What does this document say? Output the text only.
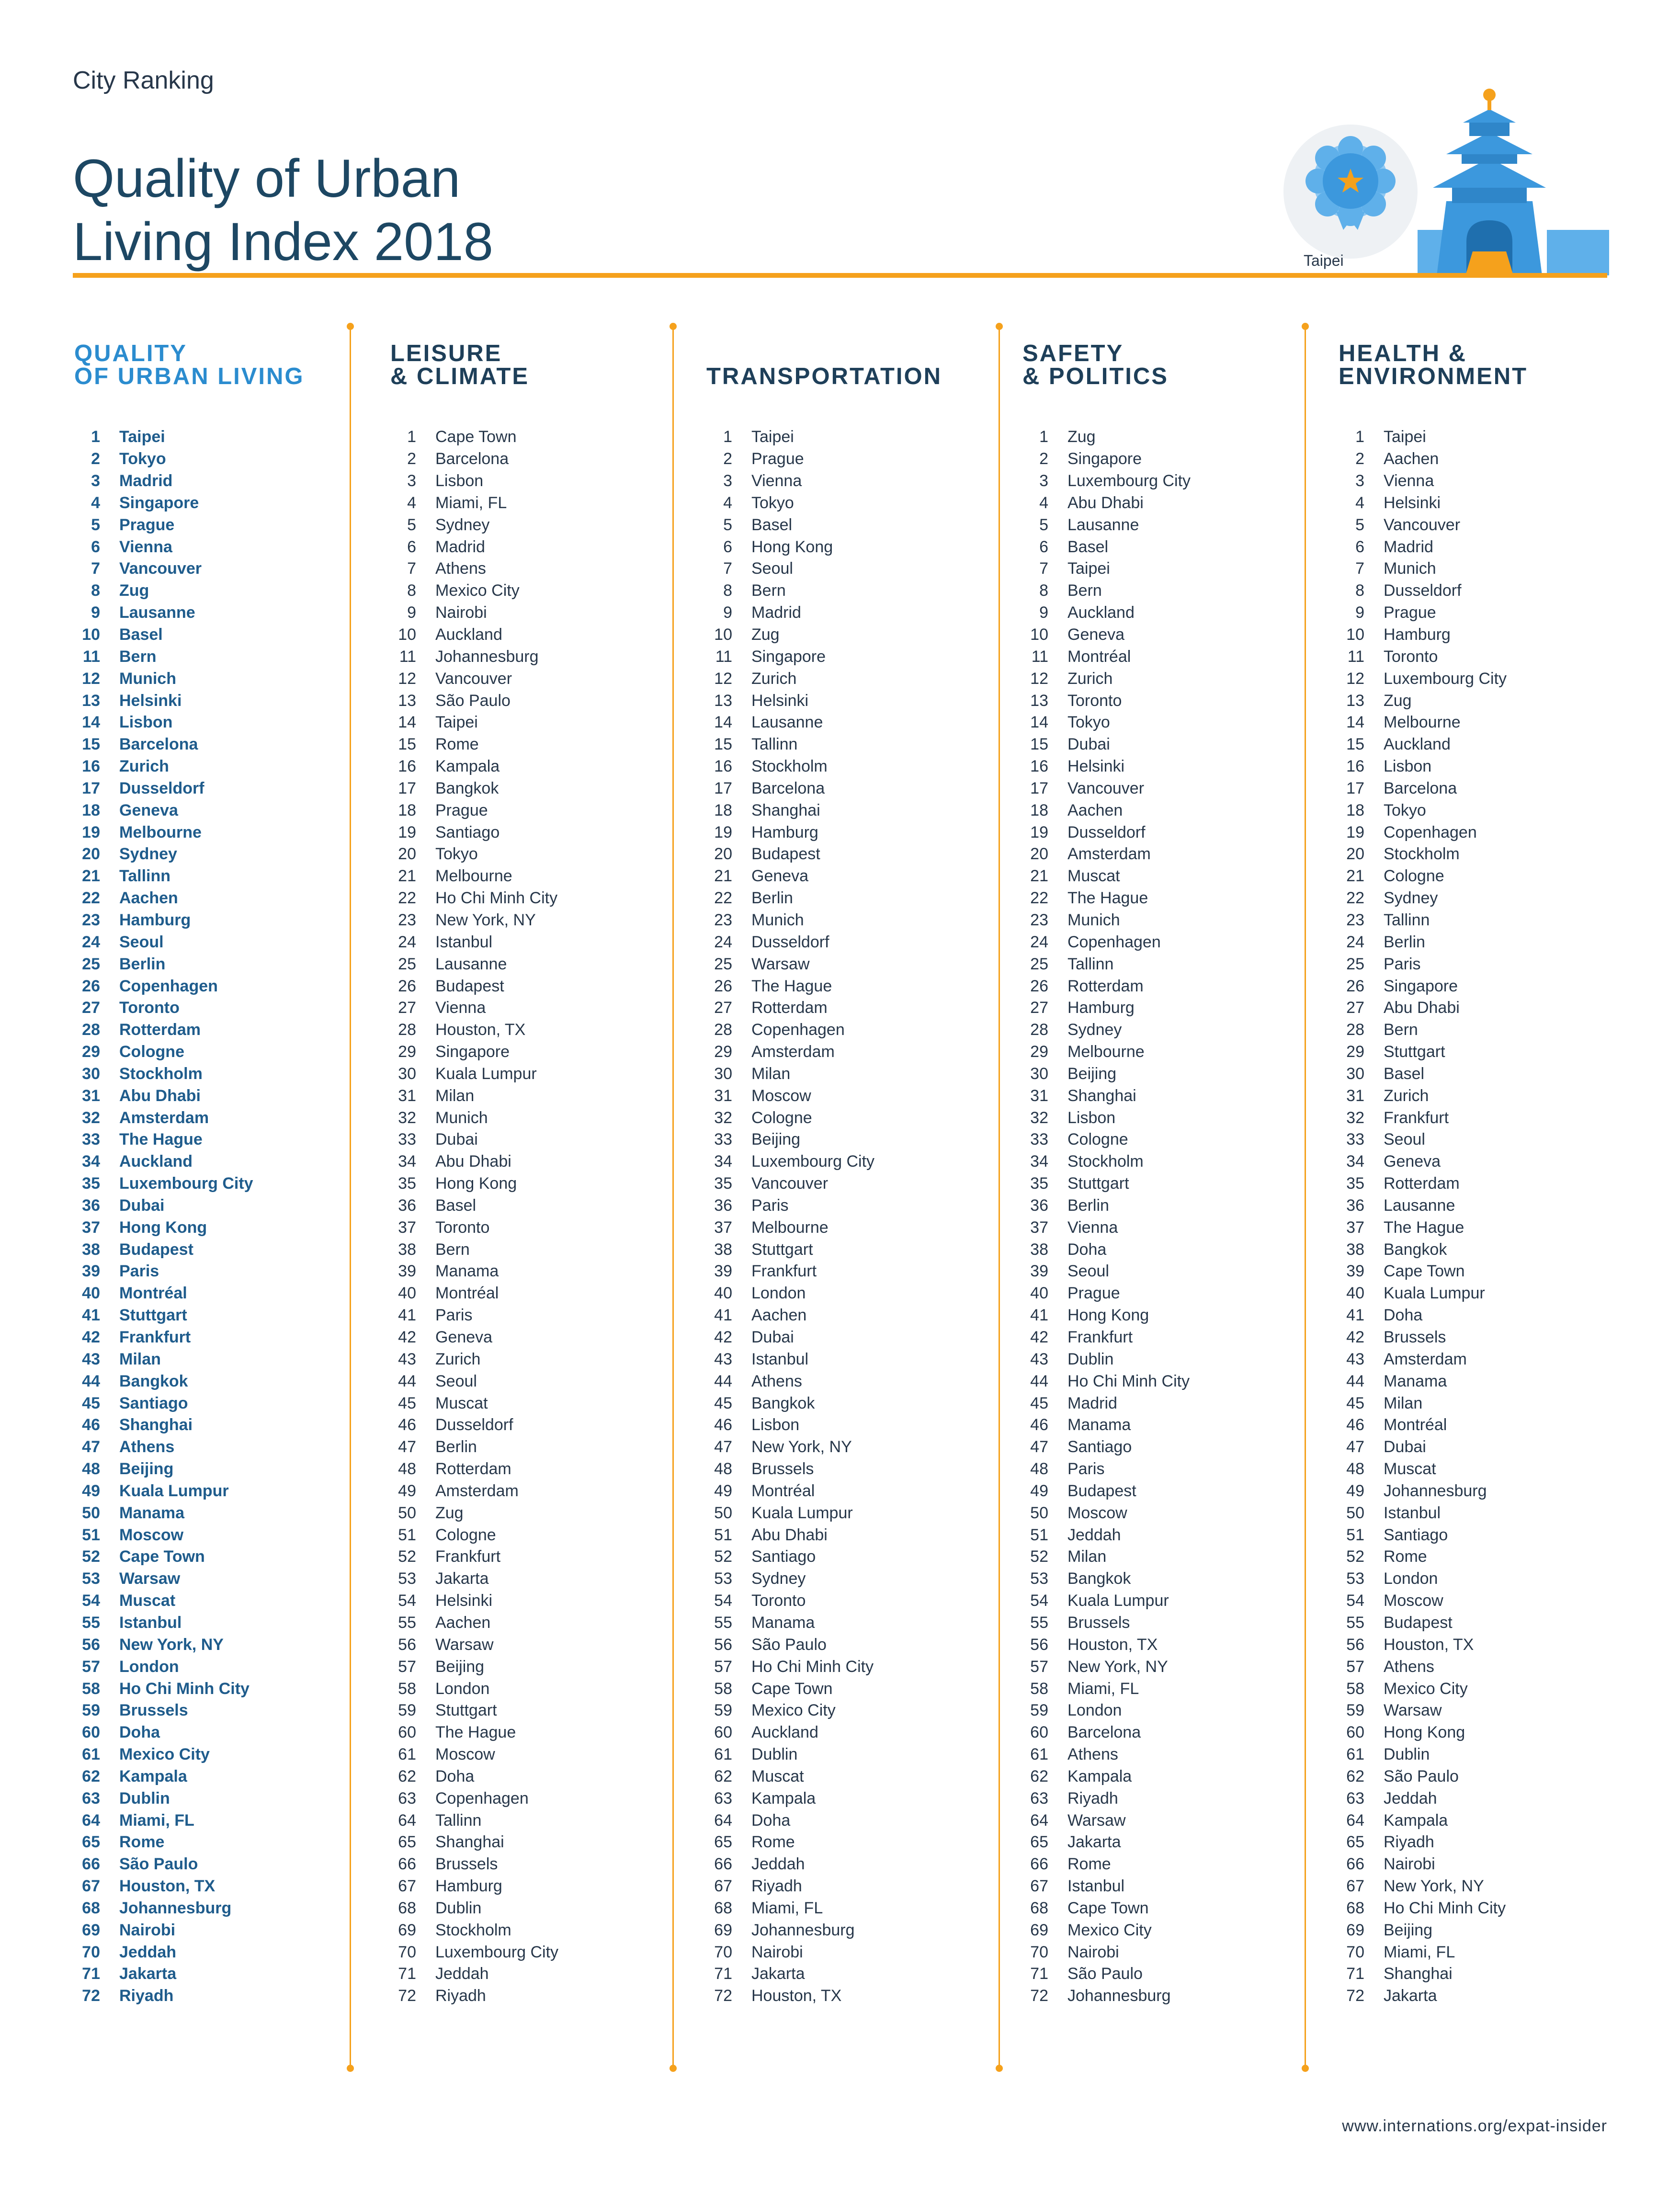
City Ranking
Quality of Urban
Living Index 2018	Taipei
QUALITY
OF URBAN LIVING
1 Taipei
2 Tokyo
3 Madrid
4 Singapore
5 Prague
6 Vienna
7 Vancouver
8 Zug
9 Lausanne
10 Basel
11 Bern
12 Munich
13 Helsinki
14 Lisbon
15 Barcelona
16 Zurich
17 Dusseldorf
18 Geneva
19 Melbourne
20 Sydney
21 Tallinn
22 Aachen
23 Hamburg
24 Seoul
25 Berlin
26 Copenhagen
27 Toronto
28 Rotterdam
29 Cologne
30 Stockholm
31 Abu Dhabi
32 Amsterdam
33 The Hague
34 Auckland
35 Luxembourg City
36 Dubai
37 Hong Kong
38 Budapest
39 Paris
40 Montréal
41 Stuttgart
42 Frankfurt
43 Milan
44 Bangkok
45 Santiago
46 Shanghai
47 Athens
48 Beijing
49 Kuala Lumpur
50 Manama
51 Moscow
52 Cape Town
53 Warsaw
54 Muscat
55 Istanbul
56 New York, NY
57 London
58 Ho Chi Minh City
59 Brussels
60 Doha
61 Mexico City
62 Kampala
63 Dublin
64 Miami, FL
65 Rome
66 São Paulo
67 Houston, TX
68 Johannesburg
69 Nairobi
70 Jeddah
71 Jakarta
72 Riyadh
LEISURE
& CLIMATE
1 Cape Town
2 Barcelona
3 Lisbon
4 Miami, FL
5 Sydney
6 Madrid
7 Athens
8 Mexico City
9 Nairobi
10 Auckland
11 Johannesburg
12 Vancouver
13 São Paulo
14 Taipei
15 Rome
16 Kampala
17 Bangkok
18 Prague
19 Santiago
20 Tokyo
21 Melbourne
22 Ho Chi Minh City
23 New York, NY
24 Istanbul
25 Lausanne
26 Budapest
27 Vienna
28 Houston, TX
29 Singapore
30 Kuala Lumpur
31 Milan
32 Munich
33 Dubai
34 Abu Dhabi
35 Hong Kong
36 Basel
37 Toronto
38 Bern
39 Manama
40 Montréal
41 Paris
42 Geneva
43 Zurich
44 Seoul
45 Muscat
46 Dusseldorf
47 Berlin
48 Rotterdam
49 Amsterdam
50 Zug
51 Cologne
52 Frankfurt
53 Jakarta
54 Helsinki
55 Aachen
56 Warsaw
57 Beijing
58 London
59 Stuttgart
60 The Hague
61 Moscow
62 Doha
63 Copenhagen
64 Tallinn
65 Shanghai
66 Brussels
67 Hamburg
68 Dublin
69 Stockholm
70 Luxembourg City
71 Jeddah
72 Riyadh
TRANSPORTATION
1 Taipei
2 Prague
3 Vienna
4 Tokyo
5 Basel
6 Hong Kong
7 Seoul
8 Bern
9 Madrid
10 Zug
11 Singapore
12 Zurich
13 Helsinki
14 Lausanne
15 Tallinn
16 Stockholm
17 Barcelona
18 Shanghai
19 Hamburg
20 Budapest
21 Geneva
22 Berlin
23 Munich
24 Dusseldorf
25 Warsaw
26 The Hague
27 Rotterdam
28 Copenhagen
29 Amsterdam
30 Milan
31 Moscow
32 Cologne
33 Beijing
34 Luxembourg City
35 Vancouver
36 Paris
37 Melbourne
38 Stuttgart
39 Frankfurt
40 London
41 Aachen
42 Dubai
43 Istanbul
44 Athens
45 Bangkok
46 Lisbon
47 New York, NY
48 Brussels
49 Montréal
50 Kuala Lumpur
51 Abu Dhabi
52 Santiago
53 Sydney
54 Toronto
55 Manama
56 São Paulo
57 Ho Chi Minh City
58 Cape Town
59 Mexico City
60 Auckland
61 Dublin
62 Muscat
63 Kampala
64 Doha
65 Rome
66 Jeddah
67 Riyadh
68 Miami, FL
69 Johannesburg
70 Nairobi
71 Jakarta
72 Houston, TX
SAFETY
& POLITICS
1 Zug
2 Singapore
3 Luxembourg City
4 Abu Dhabi
5 Lausanne
6 Basel
7 Taipei
8 Bern
9 Auckland
10 Geneva
11 Montréal
12 Zurich
13 Toronto
14 Tokyo
15 Dubai
16 Helsinki
17 Vancouver
18 Aachen
19 Dusseldorf
20 Amsterdam
21 Muscat
22 The Hague
23 Munich
24 Copenhagen
25 Tallinn
26 Rotterdam
27 Hamburg
28 Sydney
29 Melbourne
30 Beijing
31 Shanghai
32 Lisbon
33 Cologne
34 Stockholm
35 Stuttgart
36 Berlin
37 Vienna
38 Doha
39 Seoul
40 Prague
41 Hong Kong
42 Frankfurt
43 Dublin
44 Ho Chi Minh City
45 Madrid
46 Manama
47 Santiago
48 Paris
49 Budapest
50 Moscow
51 Jeddah
52 Milan
53 Bangkok
54 Kuala Lumpur
55 Brussels
56 Houston, TX
57 New York, NY
58 Miami, FL
59 London
60 Barcelona
61 Athens
62 Kampala
63 Riyadh
64 Warsaw
65 Jakarta
66 Rome
67 Istanbul
68 Cape Town
69 Mexico City
70 Nairobi
71 São Paulo
72 Johannesburg
HEALTH &
ENVIRONMENT
1 Taipei
2 Aachen
3 Vienna
4 Helsinki
5 Vancouver
6 Madrid
7 Munich
8 Dusseldorf
9 Prague
10 Hamburg
11 Toronto
12 Luxembourg City
13 Zug
14 Melbourne
15 Auckland
16 Lisbon
17 Barcelona
18 Tokyo
19 Copenhagen
20 Stockholm
21 Cologne
22 Sydney
23 Tallinn
24 Berlin
25 Paris
26 Singapore
27 Abu Dhabi
28 Bern
29 Stuttgart
30 Basel
31 Zurich
32 Frankfurt
33 Seoul
34 Geneva
35 Rotterdam
36 Lausanne
37 The Hague
38 Bangkok
39 Cape Town
40 Kuala Lumpur
41 Doha
42 Brussels
43 Amsterdam
44 Manama
45 Milan
46 Montréal
47 Dubai
48 Muscat
49 Johannesburg
50 Istanbul
51 Santiago
52 Rome
53 London
54 Moscow
55 Budapest
56 Houston, TX
57 Athens
58 Mexico City
59 Warsaw
60 Hong Kong
61 Dublin
62 São Paulo
63 Jeddah
64 Kampala
65 Riyadh
66 Nairobi
67 New York, NY
68 Ho Chi Minh City
69 Beijing
70 Miami, FL
71 Shanghai
72 Jakarta
www.internations.org/expat-insider
